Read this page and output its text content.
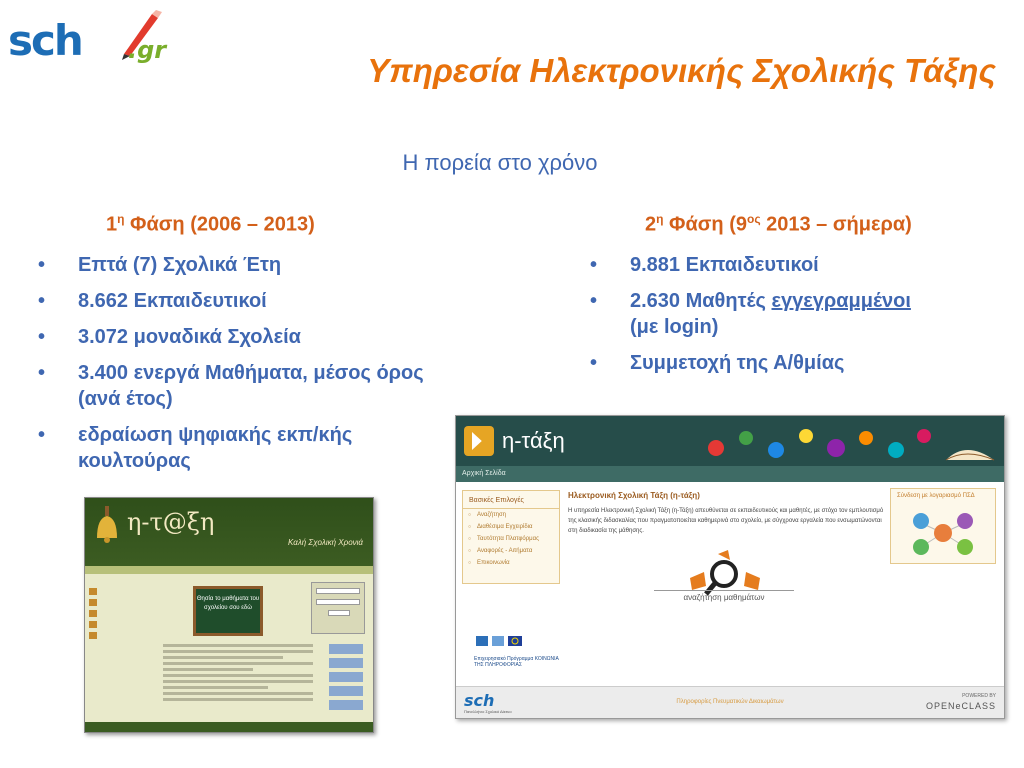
sch .gr
Υπηρεσία Ηλεκτρονικής Σχολικής Τάξης
Η πορεία στο χρόνο
$1^\eta$ Φάση (2006 – 2013)
• Επτά (7) Σχολικά Έτη
• 8.662 Εκπαιδευτικοί
• 3.072 μοναδικά Σχολεία
• 3.400 ενεργά Μαθήματα, μέσος όρος (ανά έτος)
• εδραίωση ψηφιακής εκπ/κής κουλτούρας
$2^\eta$ Φάση ($9^{o\varsigma}$ 2013 – σήμερα)
• 9.881 Εκπαιδευτικοί
• 2.630 Μαθητές εγγεγραμμένοι
(με login)
• Συμμετοχή της Α/θμίας
η-τ@ξη
Καλή Σχολική Χρονιά
Θησία το μαθήματα του σχολείου σου εδώ
η-τάξη
Αρχική Σελίδα
Βασικές Επιλογές
○ Αναζήτηση
○ Διαθέσιμα Εγχειρίδια
○ Ταυτότητα Πλατφόρμας
○ Αναφορές - Αιτήματα
○ Επικοινωνία
Ηλεκτρονική Σχολική Τάξη (η-τάξη)
Η υπηρεσία Ηλεκτρονική Σχολική Τάξη (η-Τάξη) απευθύνεται σε εκπαιδευτικούς και μαθητές, με στόχο τον εμπλουτισμό της κλασικής διδασκαλίας που πραγματοποιείται καθημερινά στο σχολείο, με σύγχρονα εργαλεία που ενσωματώνονται στη διαδικασία της μάθησης.
αναζήτηση μαθημάτων
Σύνδεση με λογαριασμό ΠΣΔ
Επιχειρησιακό Πρόγραμμα ΚΟΙΝΩΝΙΑ ΤΗΣ ΠΛΗΡΟΦΟΡΙΑΣ
sch
Πανελλήνιο Σχολικό Δίκτυο
Πληροφορίες Πνευματικών Δικαιωμάτων
POWERED BY
OPENeCLASS
